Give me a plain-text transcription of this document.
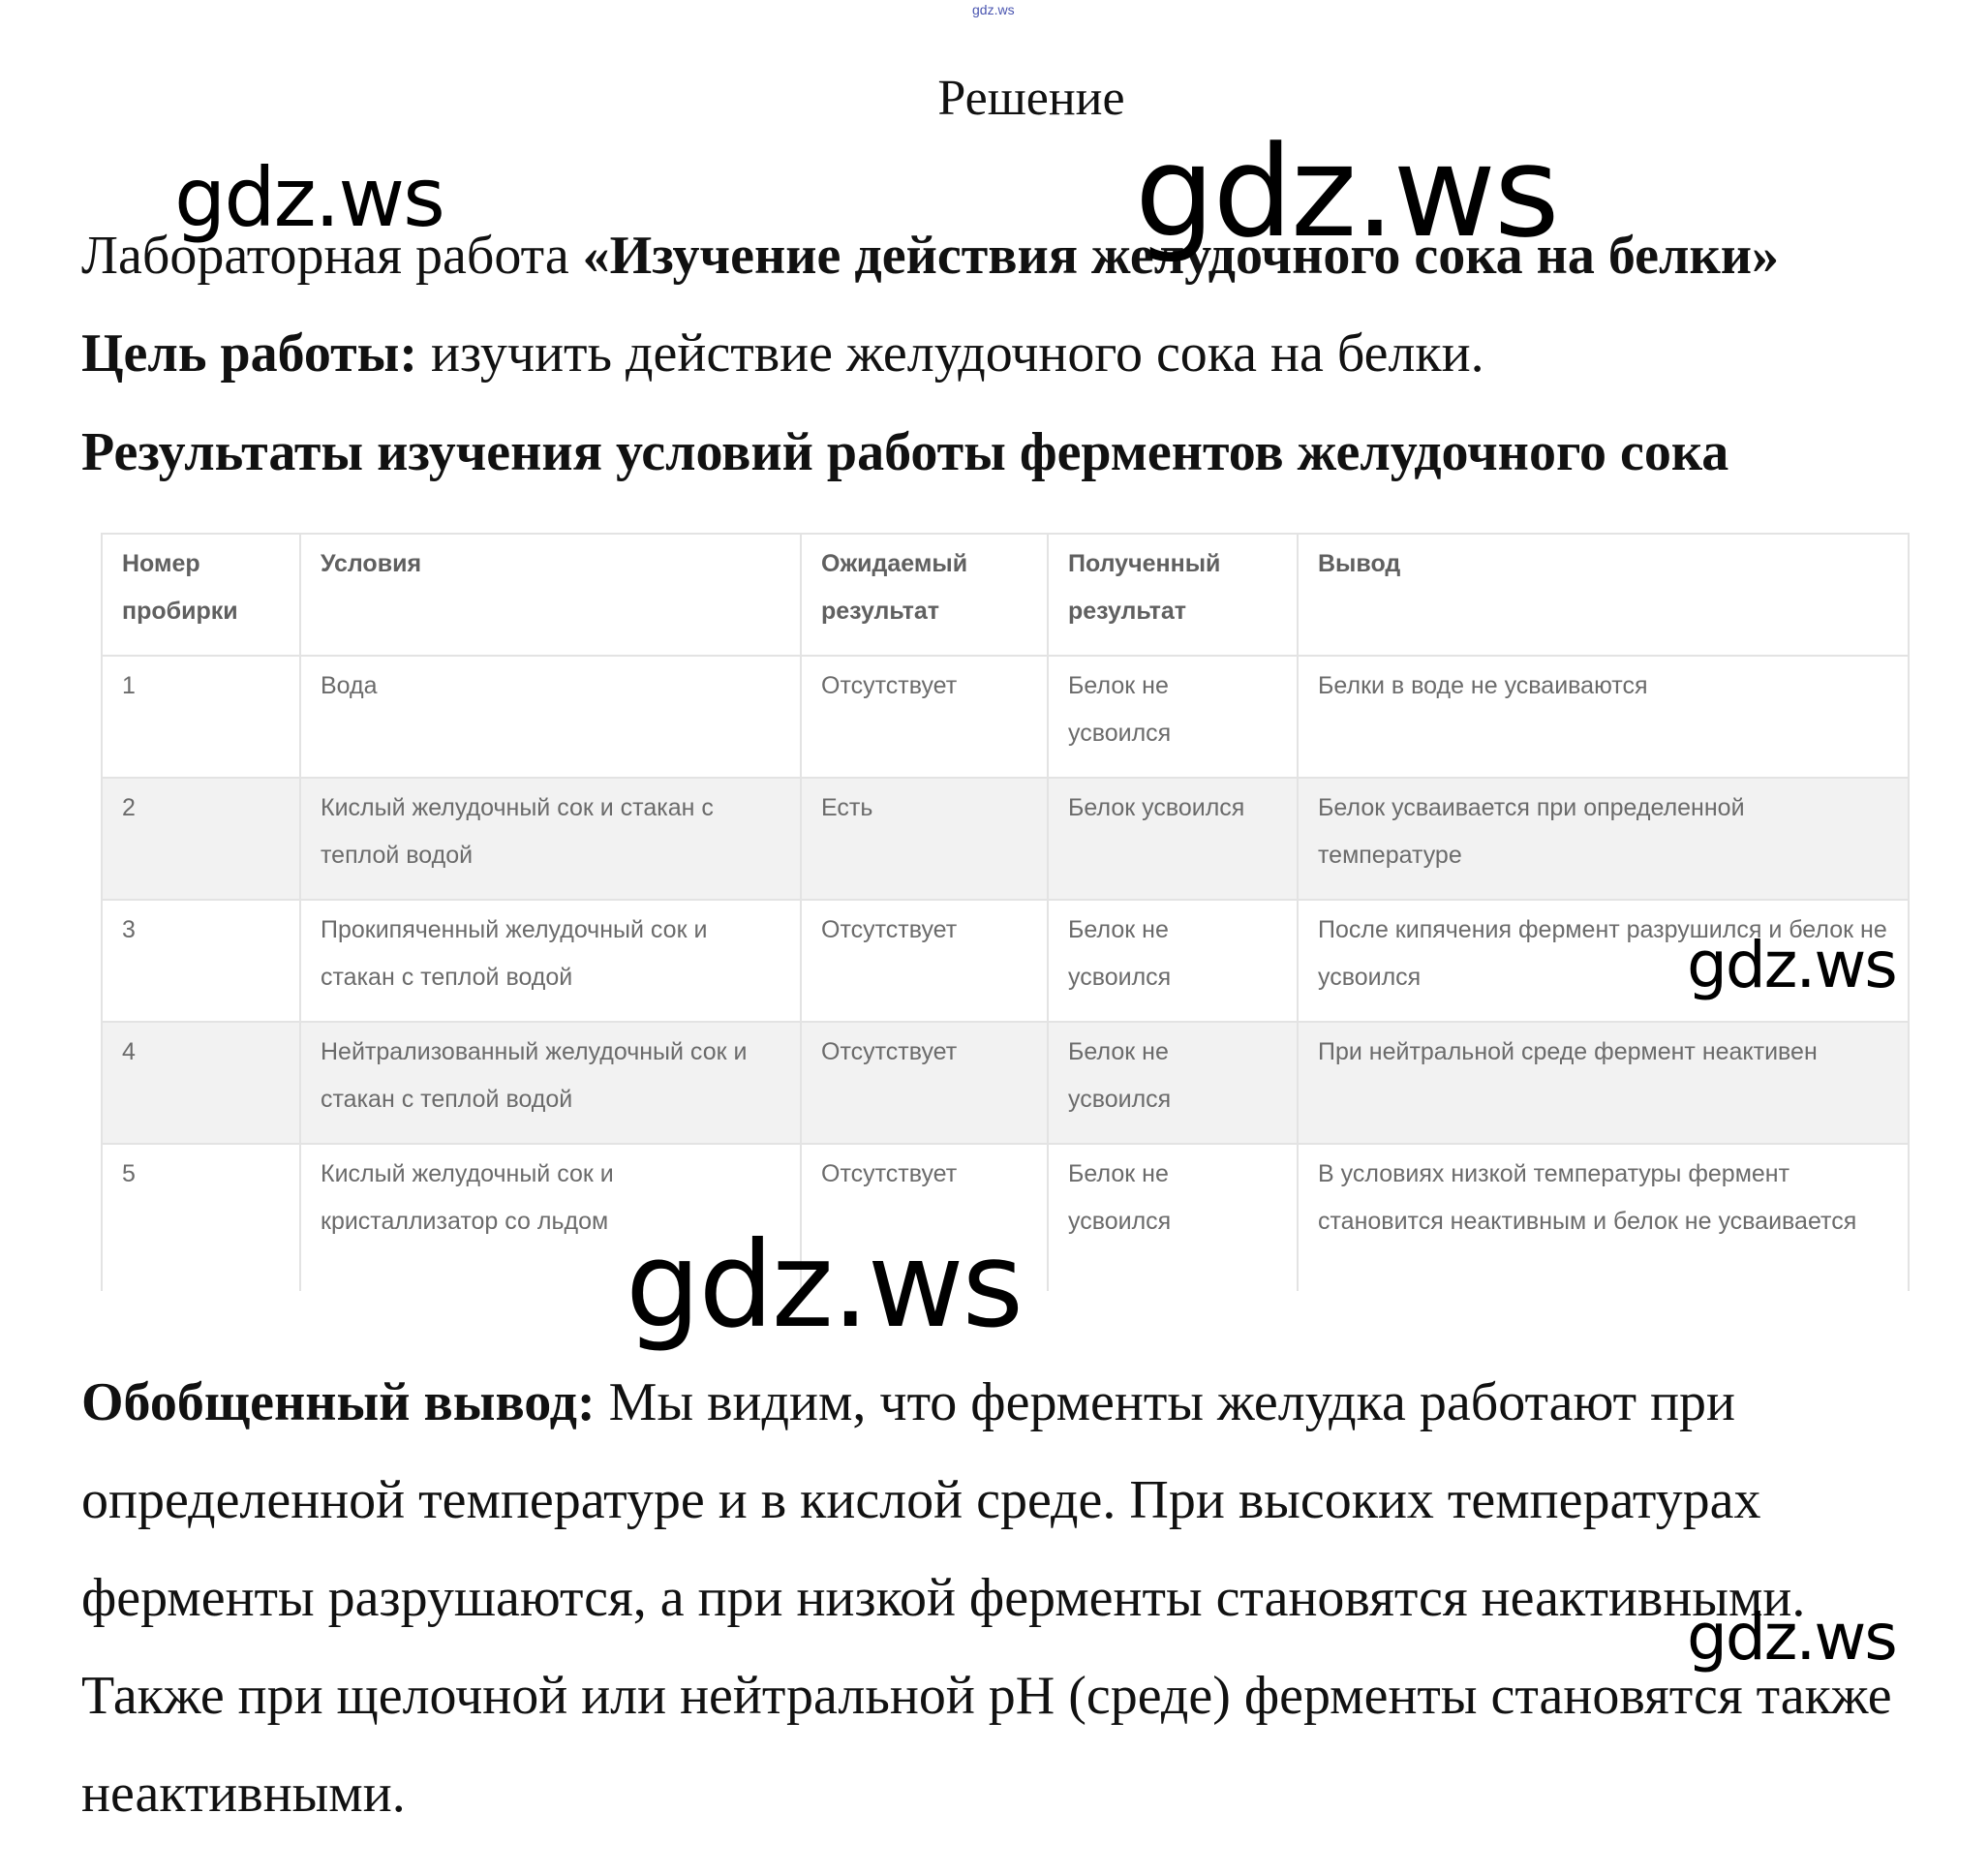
gdz.ws
Решение
Лабораторная работа «Изучение действия желудочного сока на белки»
Цель работы: изучить действие желудочного сока на белки.
Результаты изучения условий работы ферментов желудочного сока
Номер пробирки	Условия	Ожидаемый результат	Полученный результат	Вывод
1	Вода	Отсутствует	Белок не усвоился	Белки в воде не усваиваются
2	Кислый желудочный сок и стакан с теплой водой	Есть	Белок усвоился	Белок усваивается при определенной температуре
3	Прокипяченный желудочный сок и стакан с теплой водой	Отсутствует	Белок не усвоился	После кипячения фермент разрушился и белок не усвоился
4	Нейтрализованный желудочный сок и стакан с теплой водой	Отсутствует	Белок не усвоился	При нейтральной среде фермент неактивен
5	Кислый желудочный сок и кристаллизатор со льдом	Отсутствует	Белок не усвоился	В условиях низкой температуры фермент становится неактивным и белок не усваивается
Обобщенный вывод: Мы видим, что ферменты желудка работают при определенной температуре и в кислой среде. При высоких температурах ферменты разрушаются, а при низкой ферменты становятся неактивными. Также при щелочной или нейтральной pH (среде) ферменты становятся также неактивными.
gdz.ws	gdz.ws
gdz.ws
gdz.ws
gdz.ws
